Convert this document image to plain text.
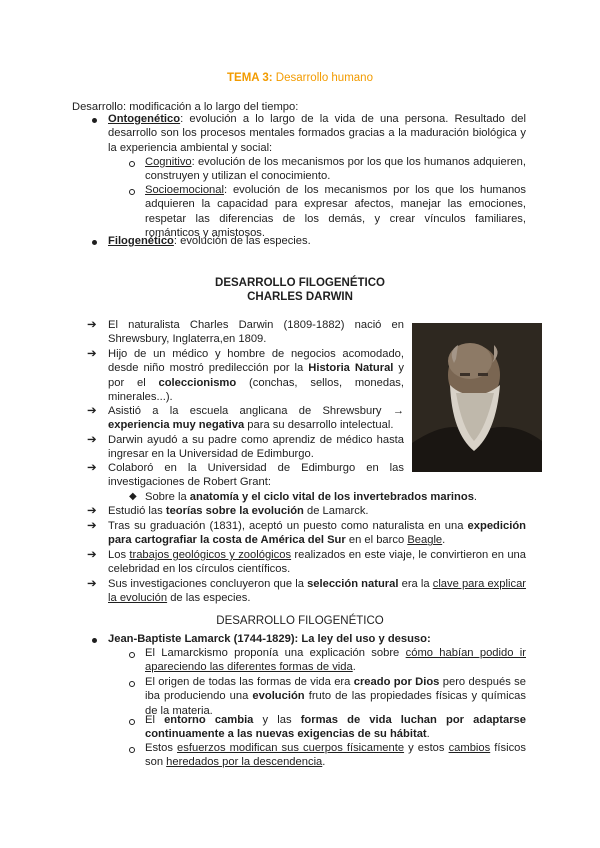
TEMA 3: Desarrollo humano
Desarrollo: modificación a lo largo del tiempo:
Ontogenético: evolución a lo largo de la vida de una persona. Resultado del desarrollo son los procesos mentales formados gracias a la maduración biológica y la experiencia ambiental y social:
Cognitivo: evolución de los mecanismos por los que los humanos adquieren, construyen y utilizan el conocimiento.
Socioemocional: evolución de los mecanismos por los que los humanos adquieren la capacidad para expresar afectos, manejar las emociones, respetar las diferencias de los demás, y crear vínculos familiares, románticos y amistosos.
Filogenético: evolución de las especies.
DESARROLLO FILOGENÉTICO
CHARLES DARWIN
➔ El naturalista Charles Darwin (1809-1882) nació en Shrewsbury, Inglaterra,en 1809.
➔ Hijo de un médico y hombre de negocios acomodado, desde niño mostró predilección por la Historia Natural y por el coleccionismo (conchas, sellos, monedas, minerales...).
➔ Asistió a la escuela anglicana de Shrewsbury → experiencia muy negativa para su desarrollo intelectual.
➔ Darwin ayudó a su padre como aprendiz de médico hasta ingresar en la Universidad de Edimburgo.
➔ Colaboró en la Universidad de Edimburgo en las investigaciones de Robert Grant:
◆ Sobre la anatomía y el ciclo vital de los invertebrados marinos.
➔ Estudió las teorías sobre la evolución de Lamarck.
➔ Tras su graduación (1831), aceptó un puesto como naturalista en una expedición para cartografiar la costa de América del Sur en el barco Beagle.
➔ Los trabajos geológicos y zoológicos realizados en este viaje, le convirtieron en una celebridad en los círculos científicos.
➔ Sus investigaciones concluyeron que la selección natural era la clave para explicar la evolución de las especies.
DESARROLLO FILOGENÉTICO
Jean-Baptiste Lamarck (1744-1829): La ley del uso y desuso:
El Lamarckismo proponía una explicación sobre cómo habían podido ir apareciendo las diferentes formas de vida.
El origen de todas las formas de vida era creado por Dios pero después se iba produciendo una evolución fruto de las propiedades físicas y químicas de la materia.
El entorno cambia y las formas de vida luchan por adaptarse continuamente a las nuevas exigencias de su hábitat.
Estos esfuerzos modifican sus cuerpos físicamente y estos cambios físicos son heredados por la descendencia.
